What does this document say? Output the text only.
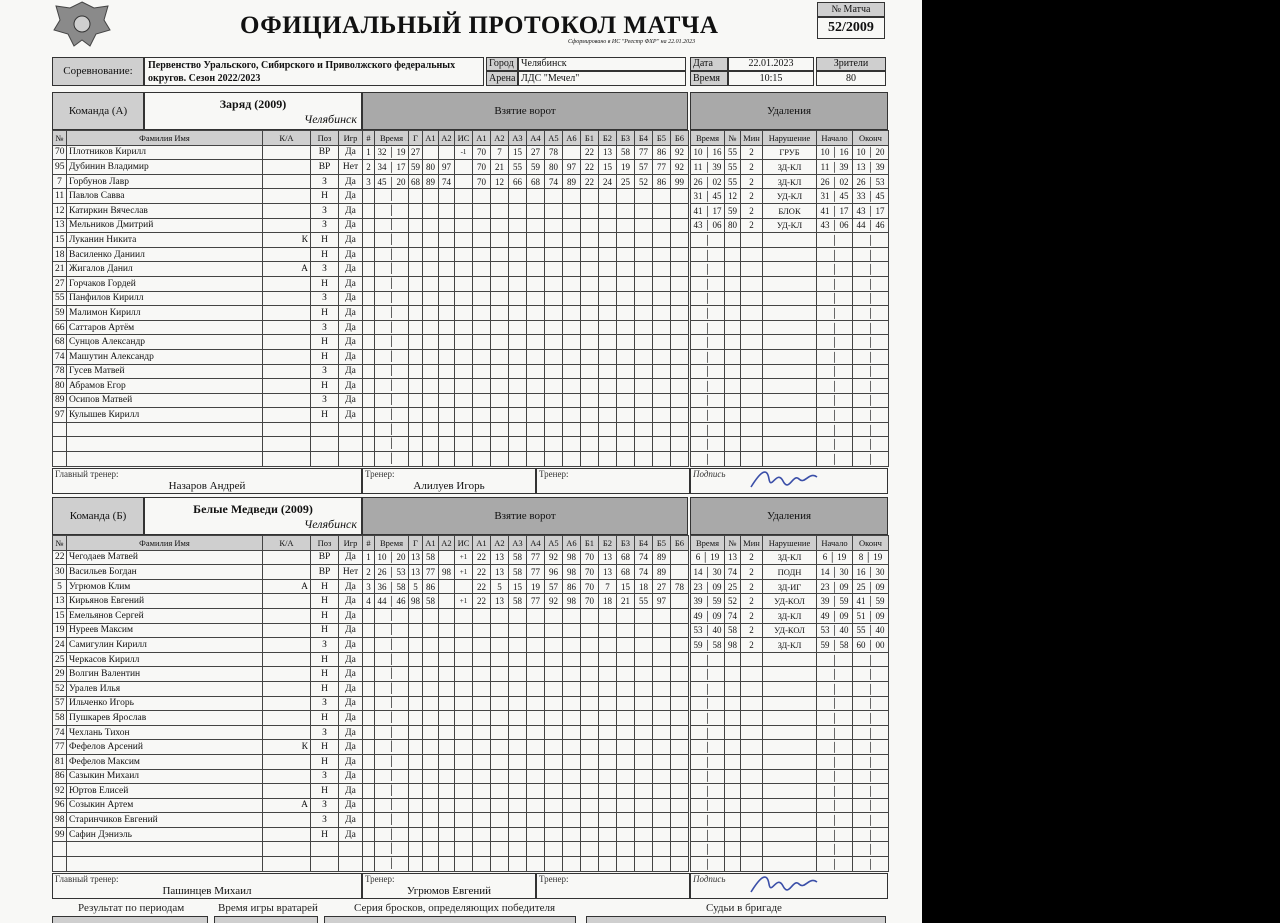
ОФИЦИАЛЬНЫЙ ПРОТОКОЛ МАТЧА
Сформировано в ИС "Реестр ФХР" на 22.01.2023
№ Матча
52/2009
Соревнование:	Первенство Уральского, Сибирского и Приволжского федеральных округов. Сезон 2022/2023
Город Челябинск
Арена ЛДС "Мечел"
Дата	22.01.2023
Время	10:15
Зрители
80
Команда (А)	Заряд (2009)
Челябинск
Взятие ворот	Удаления
№	Фамилия Имя	К/А	Поз	Игр
70	Плотников Кирилл		ВР	Да
95	Дубинин Владимир		ВР	Нет
7	Горбунов Лавр		З	Да
11	Павлов Савва		Н	Да
12	Катиркин Вячеслав		З	Да
13	Мельников Дмитрий		З	Да
15	Луканин Никита	К	Н	Да
18	Василенко Даниил		Н	Да
21	Жигалов Данил	А	З	Да
27	Горчаков Гордей		Н	Да
55	Панфилов Кирилл		З	Да
59	Малимон Кирилл		Н	Да
66	Саттаров Артём		З	Да
68	Сунцов Александр		Н	Да
74	Машутин Александр		Н	Да
78	Гусев Матвей		З	Да
80	Абрамов Егор		Н	Да
89	Осипов Матвей		З	Да
97	Кулышев Кирилл		Н	Да

#	Время	Г	А1	А2	ИС	А1	А2	А3	А4	А5	А6	Б1	Б2	Б3	Б4	Б5	Б6
1	32 │ 19	27			-1	70	7	15	27	78		22	13	58	77	86	92
2	34 │ 17	59	80	97		70	21	55	59	80	97	22	15	19	57	77	92
3	45 │ 20	68	89	74		70	12	66	68	74	89	22	24	25	52	86	99
	│																
	│																
	│																
	│																
	│																
	│																
	│																
	│																
	│																
	│																
	│																
	│																
	│																
	│																
	│																
	│																
	│																
	│																
	│																
Время	№	Мин	Нарушение	Начало	Оконч
10 │ 16	55	2	ГРУБ	10 │ 16	10 │ 20
11 │ 39	55	2	ЗД-КЛ	11 │ 39	13 │ 39
26 │ 02	55	2	ЗД-КЛ	26 │ 02	26 │ 53
31 │ 45	12	2	УД-КЛ	31 │ 45	33 │ 45
41 │ 17	59	2	БЛОК	41 │ 17	43 │ 17
43 │ 06	80	2	УД-КЛ	43 │ 06	44 │ 46
│				│	│
│				│	│
│				│	│
│				│	│
│				│	│
│				│	│
│				│	│
│				│	│
│				│	│
│				│	│
│				│	│
│				│	│
│				│	│
│				│	│
│				│	│
│				│	│
Главный тренер:
Назаров Андрей
Тренер:
Алилуев Игорь
Тренер:	Подпись
Команда (Б)	Белые Медведи (2009)
Челябинск
Взятие ворот	Удаления
№	Фамилия Имя	К/А	Поз	Игр
22	Чегодаев Матвей		ВР	Да
30	Васильев Богдан		ВР	Нет
5	Угрюмов Клим	А	Н	Да
13	Кирьянов Евгений		Н	Да
15	Емельянов Сергей		Н	Да
19	Нуреев Максим		Н	Да
24	Самигулин Кирилл		З	Да
25	Черкасов Кирилл		Н	Да
29	Волгин Валентин		Н	Да
52	Уралев Илья		Н	Да
57	Ильченко Игорь		З	Да
58	Пушкарев Ярослав		Н	Да
74	Чехлань Тихон		З	Да
77	Фефелов Арсений	К	Н	Да
81	Фефелов Максим		Н	Да
86	Сазыкин Михаил		З	Да
92	Юртов Елисей		Н	Да
96	Созыкин Артем	А	З	Да
98	Старинчиков Евгений		З	Да
99	Сафин Дэниэль		Н	Да

#	Время	Г	А1	А2	ИС	А1	А2	А3	А4	А5	А6	Б1	Б2	Б3	Б4	Б5	Б6
1	10 │ 20	13	58		+1	22	13	58	77	92	98	70	13	68	74	89	
2	26 │ 53	13	77	98	+1	22	13	58	77	96	98	70	13	68	74	89	
3	36 │ 58	5	86			22	5	15	19	57	86	70	7	15	18	27	78
4	44 │ 46	98	58		+1	22	13	58	77	92	98	70	18	21	55	97	
	│																
	│																
	│																
	│																
	│																
	│																
	│																
	│																
	│																
	│																
	│																
	│																
	│																
	│																
	│																
	│																
	│																
	│																
Время	№	Мин	Нарушение	Начало	Оконч
6 │ 19	13	2	ЗД-КЛ	6 │ 19	8 │ 19
14 │ 30	74	2	ПОДН	14 │ 30	16 │ 30
23 │ 09	25	2	ЗД-ИГ	23 │ 09	25 │ 09
39 │ 59	52	2	УД-КОЛ	39 │ 59	41 │ 59
49 │ 09	74	2	ЗД-КЛ	49 │ 09	51 │ 09
53 │ 40	58	2	УД-КОЛ	53 │ 40	55 │ 40
59 │ 58	98	2	ЗД-КЛ	59 │ 58	60 │ 00
│				│	│
│				│	│
│				│	│
│				│	│
│				│	│
│				│	│
│				│	│
│				│	│
│				│	│
│				│	│
│				│	│
│				│	│
│				│	│
│				│	│
│				│	│
Главный тренер:
Пашинцев Михаил
Тренер:
Угрюмов Евгений
Тренер:	Подпись
Результат по периодам	Время игры вратарей	Серия бросков, определяющих победителя	Судьи в бригаде
